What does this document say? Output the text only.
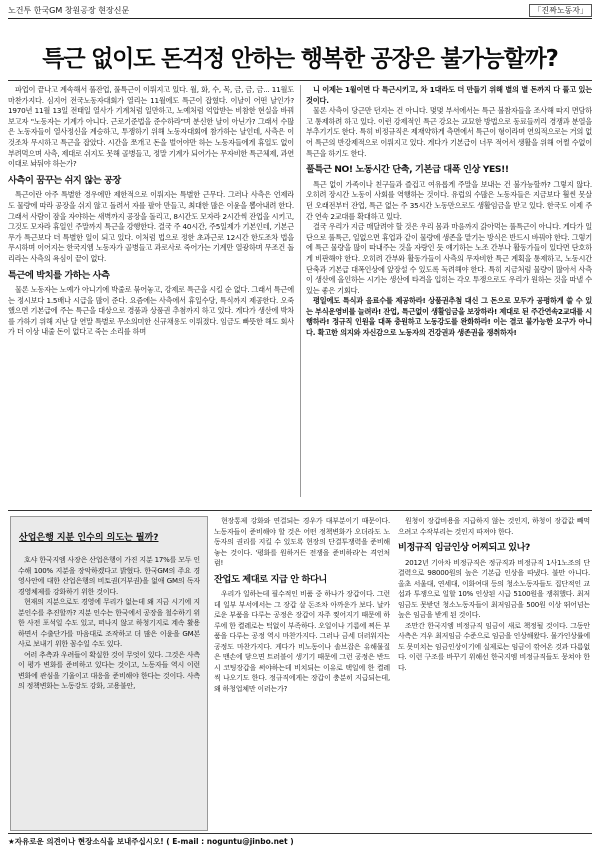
노건투 한국GM 창원공장 현장신문	「진짜노동자」
특근 없이도 돈걱정 안하는 행복한 공장은 불가능할까?

파업이 끝나고 계속해서 풀잔업, 풀특근이 이뤄지고 있다. 월, 화, 수, 목, 금, 금, 금... 11월도 마찬가지다. 심지어 전국노동자대회가 열리는 11월에도 특근이 잡혔다. 이날이 어떤 날인가? 1970년 11월 13일 전태일 열사가 기계처럼 일만하고, 노예처럼 억압받는 비참한 현실을 바꿔보고자 "노동자는 기계가 아니다. 근로기준법을 준수하라"며 분신한 날이 아닌가? 그래서 수많은 노동자들이 열사정신을 계승하고, 투쟁하기 위해 노동자대회에 참가하는 날인데, 사측은 이것조차 무시하고 특근을 잡았다. 시간을 쪼개고 돈을 벌어야만 하는 노동자들에게 휴일도 없이 부려먹으며 사측, 제대로 쉬지도 못해 골병들고, 정말 기계가 되어가는 무자비한 특근체제, 과연 이대로 놔둬야 하는가?

사측이 꿈꾸는 쉬지 않는 공장

특근이란 아주 특별한 경우에만 제한적으로 이뤄지는 특별한 근무다. 그러나 사측은 언제라도 물량에 따라 공장을 쉬지 않고 돌려서 자를 팔아 만들고, 최대한 많은 이윤을 뽑아내려 한다. 그래서 사람이 잠을 자야하는 새벽까지 공장을 돌리고, 8시간도 모자라 2시간씩 잔업을 시키고, 그것도 모자라 휴일인 주말까지 특근을 강행한다. 결국 주 40시간, 주5일제가 기본인데, 기본근무가 특근보다 더 특별한 일이 되고 있다. 이처럼 법으로 정한 초과근로 12시간 한도조차 법을 무시하며 이어지는 한국지엠 노동자가 골병들고 과로사로 죽어가는 기계만 열광하며 무조건 돌리라는 사측의 욕심이 끝이 없다.

특근에 박치를 가하는 사측

물론 노동자는 노예가 아니기에 박줄로 묶어놓고, 강제로 특근을 시킬 순 없다. 그래서 특근에는 정시보다 1.5배나 시급을 많이 준다. 요즘에는 사측에서 휴일수당, 특식까지 제공한다. 오죽했으면 기본급에 주는 특근을 대상으로 경품과 상품권 추첨까지 하고 있다. 게다가 생산에 박차를 가하기 위해 지난 달 연말 특별로 무소의미한 신규채용도 이뤄졌다. 임금도 빠뜻한 해도 회사가 더 이상 내줄 돈이 없다고 죽는 소리를 하며

니 이제는 1월이면 다 특근시키고, 차 1대라도 더 만들기 위해 별의 별 돈까지 다 풀고 있는 것이다.

물론 사측이 당근만 던지는 건 아니다. 몇몇 부서에서는 특근 불참자들을 조사해 따지 면담하고 통제하려 하고 있다. 이런 강제적인 특근 강요는 교묘한 방법으로 동료들끼리 경쟁과 분열을 부추기기도 한다. 특히 비정규직은 제재약하게 측면에서 특근이 형이라며 연의적으로는 거의 없어 특근의 반강제적으로 이뤄지고 있다. 게다가 기본급이 너무 적어서 생활을 위해 어쩔 수없이 특근을 하기도 한다.

풀특근 NO! 노동시간 단축, 기본급 대폭 인상 YES!!

특근 없이 가족이나 친구들과 즐겁고 여유롭게 주말을 보내는 건 불가능할까? 그렇지 않다. 오히려 장시간 노동이 사회를 역행하는 것이다. 유럽의 수많은 노동자들은 지금보다 훨씬 못살던 오래전부터 잔업, 특근 없는 주 35시간 노동만으로도 생활임금을 받고 있다. 한국도 이제 주간 연속 2교대를 확대하고 있다.

결국 우리가 지금 매달려야 할 것은 우리 몸과 마음까지 갉아먹는 풀특근이 아니다. 게다가 일단으로 풀특근, 일없으면 휴업과 같이 물량에 생존을 맡기는 방식은 반드시 바꿔야 한다. 그렇기에 특근 물량을 많이 따내주는 것을 자랑인 듯 얘기하는 노조 간부나 활동가들이 있다면 단호하게 비판해야 한다. 오히려 간부와 활동가들이 사측의 무자비한 특근 계획을 통제하고, 노동시간 단축과 기본급 대폭인상에 앞장설 수 있도록 독려해야 한다. 특히 지금처럼 물량이 많아서 사측이 생산에 올인하는 시기는 생산에 타격을 입히는 각오 투쟁으로도 우리가 원하는 것을 따낼 수 있는 좋은 기회다.

평일에도 특식과 음료수를 제공하라! 상품권추첨 대신 그 돈으로 모두가 공평하게 쓸 수 있는 부식운영비를 늘려라! 잔업, 특근없이 생활임금을 보장하라! 제대로 된 주간연속2교대를 시행하라! 정규직 인원을 대폭 충원하고 노동강도를 완화하라! 이는 결코 불가능한 요구가 아니다. 확고한 의지와 자신감으로 노동자의 건강권과 생존권을 쟁취하자!

산업은행 지분 인수의 의도는 뭘까?

호샤 한국지엠 사장은 산업은행이 가진 지분 17%를 모두 인수해 100% 지분을 장악하겠다고 밝혔다. 한국GM의 주요 경영사안에 대한 산업은행의 비토권(거부권)을 없애 GM의 독자 경영체제를 강화하기 위한 것이다.

현재의 지분으로도 경영에 무리가 없는데 왜 지금 시기에 지분인수를 추진할까? 지분 인수는 한국에서 공장을 철수하기 위한 사전 포석일 수도 있고, 떠나지 않고 하청기지로 계속 활용하면서 수출단가를 마음대로 조작하고 더 많은 이윤을 GM본사로 보내기 위한 꼼수일 수도 있다.

여러 추측과 우려들이 확실한 것이 무엇이 있다. 그것은 사측이 평가 변화를 준비하고 있다는 것이고, 노동자들 역시 이런 변화에 관심을 기울이고 대응을 준비해야 한다는 것이다. 사측의 정책변화는 노동강도 강화, 고용불안,

현장통제 강화와 연결되는 경우가 대부분이기 때문이다. 노동자들이 준비해야 할 것은 어떤 정책변화가 오더라도 노동자의 권리를 지킬 수 있도록 현장의 단결투쟁력을 준비해놓는 것이다. '평화를 원하거든 전쟁을 준비하라'는 격언처럼!

잔업도 제대로 지급 안 하다니

우리가 일하는데 필수적인 비품 중 하나가 장갑이다. 그런데 일부 부서에서는 그 장갑 살 돈조차 아까운가 보다. 날카로운 부품을 다루는 공정은 장갑이 자주 찢어지기 때문에 하루에 한 켤레로는 턱없이 부족하다. 오일이나 기름에 찌든 부품을 다루는 공정 역시 마찬가지다. 그러나 금세 더러워지는 공정도 마찬가지다. 게다가 비노동이나 솔브잡은 유해물질은 맨손에 닿으면 트러블이 생기기 때문에 그런 공정은 반드시 코팅장갑을 써야하는데 비치되는 이유로 택일에 한 켤레씩 나오기도 한다. 정규직에게는 장갑이 충분히 지급되는데, 왜 하청업체만 이러는가?

원청이 장갑비용을 지급하지 않는 것인지, 하청이 장갑값 빼먹으려고 수작부리는 것인지 따져야 한다.

비정규직 임금인상 어찌되고 있나?

2012년 기아차 비정규직은 정규직과 비정규직 1사1노조의 단결력으로 98000원의 높은 기본급 인상을 따냈다. 불만 아니다. 올초 서울대, 연세대, 이화여대 등의 청소노동자들도 집단적인 교섭과 투쟁으로 일할 10% 인상된 시급 5100원을 쟁취했다. 최저임금도 못받던 청소노동자들이 최저임금을 500원 이상 뛰어넘는 높은 임금을 받게 된 것이다.

조만간 한국지엠 비정규직 임금이 새로 책정될 것이다. 그동안 사측은 겨우 최저임금 수준으로 임금을 인상해왔다. 물가인상률에도 못미치는 임금인상이기에 실제로는 임금이 깎여온 것과 다름없다. 이런 구조를 바꾸기 위해선 한국지엠 비정규직들도 뭉쳐야 한다.

★자유로운 의견이나 현장소식을 보내주십시오! ( E-mail : noguntu@jinbo.net )
